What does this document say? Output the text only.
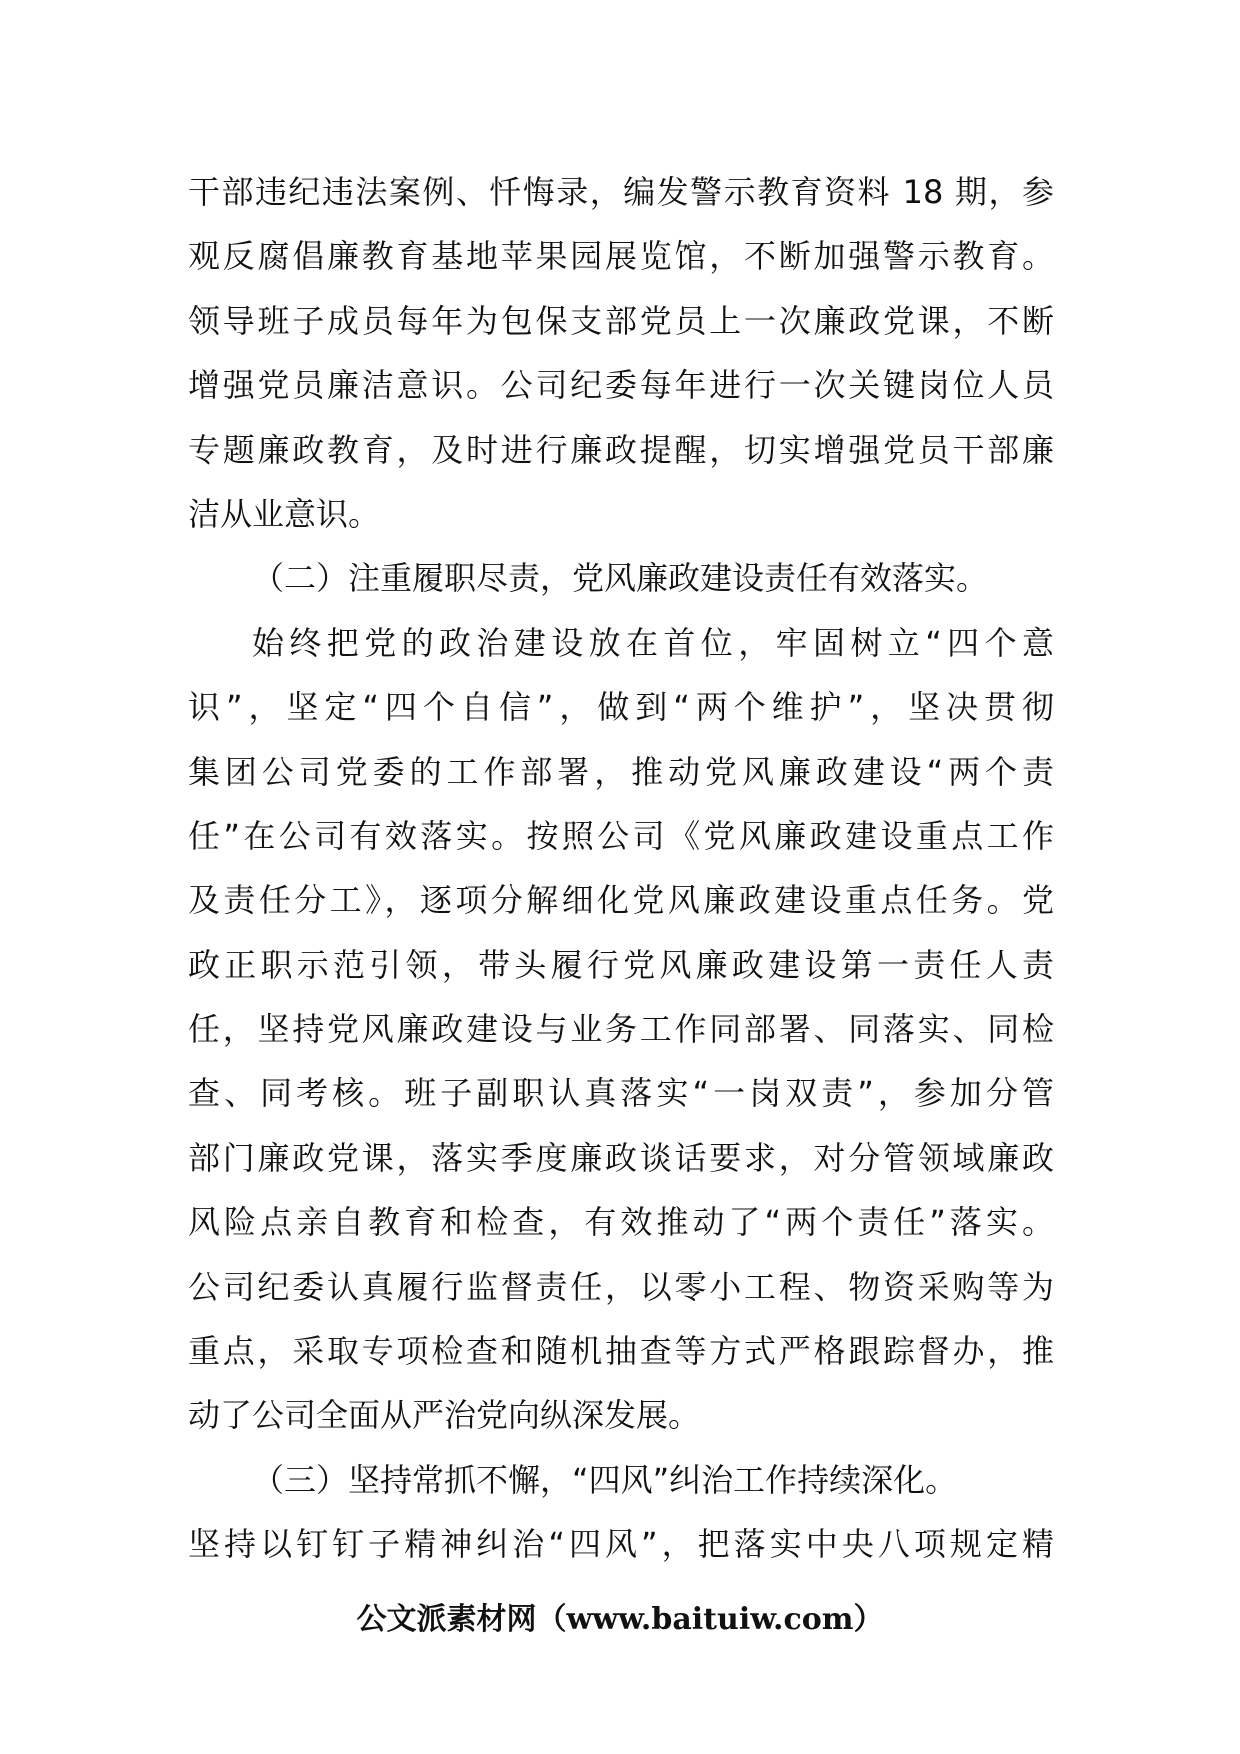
干部违纪违法案例、忏悔录，编发警示教育资料 18 期，参
观反腐倡廉教育基地苹果园展览馆，不断加强警示教育。
领导班子成员每年为包保支部党员上一次廉政党课，不断
增强党员廉洁意识。公司纪委每年进行一次关键岗位人员
专题廉政教育，及时进行廉政提醒，切实增强党员干部廉
洁从业意识。
（二）注重履职尽责，党风廉政建设责任有效落实。
始终把党的政治建设放在首位，牢固树立“四个意
识”，坚定“四个自信”，做到“两个维护”，坚决贯彻
集团公司党委的工作部署，推动党风廉政建设“两个责
任”在公司有效落实。按照公司《党风廉政建设重点工作
及责任分工》，逐项分解细化党风廉政建设重点任务。党
政正职示范引领，带头履行党风廉政建设第一责任人责
任，坚持党风廉政建设与业务工作同部署、同落实、同检
查、同考核。班子副职认真落实“一岗双责”，参加分管
部门廉政党课，落实季度廉政谈话要求，对分管领域廉政
风险点亲自教育和检查，有效推动了“两个责任”落实。
公司纪委认真履行监督责任，以零小工程、物资采购等为
重点，采取专项检查和随机抽查等方式严格跟踪督办，推
动了公司全面从严治党向纵深发展。
（三）坚持常抓不懈，“四风”纠治工作持续深化。
坚持以钉钉子精神纠治“四风”，把落实中央八项规定精
公文派素材网（www.baituiw.com）
